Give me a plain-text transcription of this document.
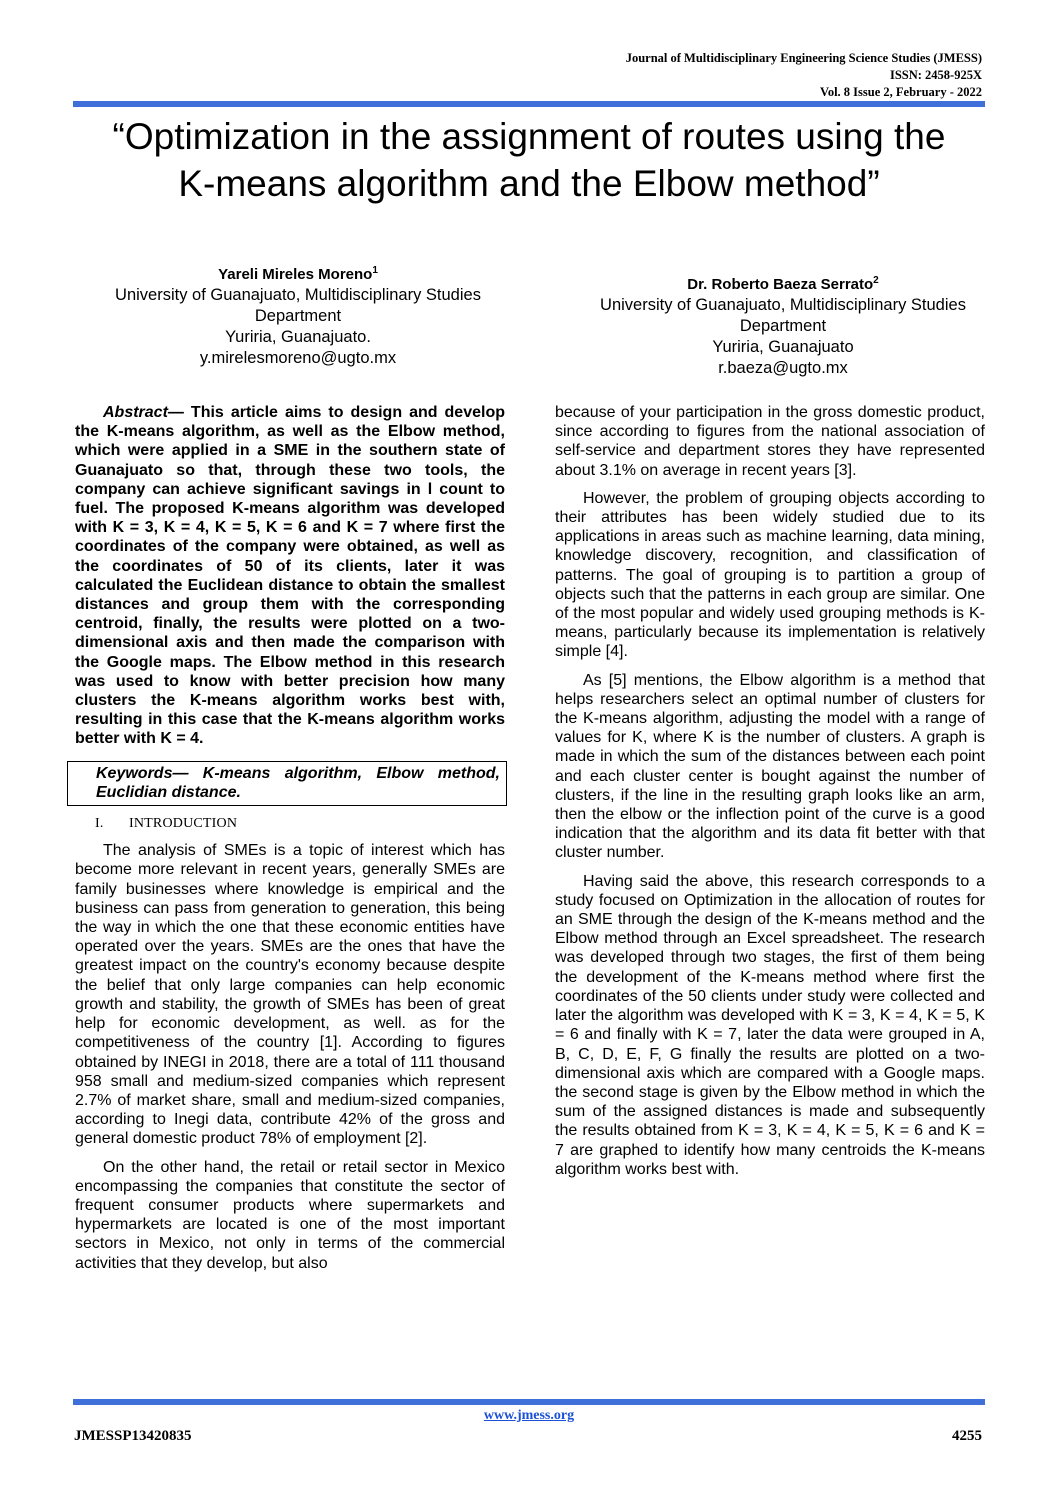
Journal of Multidisciplinary Engineering Science Studies (JMESS)
ISSN: 2458-925X
Vol. 8 Issue 2, February - 2022
“Optimization in the assignment of routes using the K-means algorithm and the Elbow method”
Yareli Mireles Moreno$^1$
University of Guanajuato, Multidisciplinary Studies
Department
Yuriria, Guanajuato.
y.mirelesmoreno@ugto.mx
Dr. Roberto Baeza Serrato$^2$
University of Guanajuato, Multidisciplinary Studies
Department
Yuriria, Guanajuato
r.baeza@ugto.mx

Abstract— This article aims to design and develop the K-means algorithm, as well as the Elbow method, which were applied in a SME in the southern state of Guanajuato so that, through these two tools, the company can achieve significant savings in l count to fuel. The proposed K-means algorithm was developed with K = 3, K = 4, K = 5, K = 6 and K = 7 where first the coordinates of the company were obtained, as well as the coordinates of 50 of its clients, later it was calculated the Euclidean distance to obtain the smallest distances and group them with the corresponding centroid, finally, the results were plotted on a two-dimensional axis and then made the comparison with the Google maps. The Elbow method in this research was used to know with better precision how many clusters the K-means algorithm works best with, resulting in this case that the K-means algorithm works better with K = 4.

Keywords— K-means algorithm, Elbow method, Euclidian distance.
I. INTRODUCTION

The analysis of SMEs is a topic of interest which has become more relevant in recent years, generally SMEs are family businesses where knowledge is empirical and the business can pass from generation to generation, this being the way in which the one that these economic entities have operated over the years. SMEs are the ones that have the greatest impact on the country's economy because despite the belief that only large companies can help economic growth and stability, the growth of SMEs has been of great help for economic development, as well. as for the competitiveness of the country [1]. According to figures obtained by INEGI in 2018, there are a total of 111 thousand 958 small and medium-sized companies which represent 2.7% of market share, small and medium-sized companies, according to Inegi data, contribute 42% of the gross and general domestic product 78% of employment [2].

On the other hand, the retail or retail sector in Mexico encompassing the companies that constitute the sector of frequent consumer products where supermarkets and hypermarkets are located is one of the most important sectors in Mexico, not only in terms of the commercial activities that they develop, but also

because of your participation in the gross domestic product, since according to figures from the national association of self-service and department stores they have represented about 3.1% on average in recent years [3].

However, the problem of grouping objects according to their attributes has been widely studied due to its applications in areas such as machine learning, data mining, knowledge discovery, recognition, and classification of patterns. The goal of grouping is to partition a group of objects such that the patterns in each group are similar. One of the most popular and widely used grouping methods is K-means, particularly because its implementation is relatively simple [4].

As [5] mentions, the Elbow algorithm is a method that helps researchers select an optimal number of clusters for the K-means algorithm, adjusting the model with a range of values for K, where K is the number of clusters. A graph is made in which the sum of the distances between each point and each cluster center is bought against the number of clusters, if the line in the resulting graph looks like an arm, then the elbow or the inflection point of the curve is a good indication that the algorithm and its data fit better with that cluster number.

Having said the above, this research corresponds to a study focused on Optimization in the allocation of routes for an SME through the design of the K-means method and the Elbow method through an Excel spreadsheet. The research was developed through two stages, the first of them being the development of the K-means method where first the coordinates of the 50 clients under study were collected and later the algorithm was developed with K = 3, K = 4, K = 5, K = 6 and finally with K = 7, later the data were grouped in A, B, C, D, E, F, G finally the results are plotted on a two-dimensional axis which are compared with a Google maps. the second stage is given by the Elbow method in which the sum of the assigned distances is made and subsequently the results obtained from K = 3, K = 4, K = 5, K = 6 and K = 7 are graphed to identify how many centroids the K-means algorithm works best with.

www.jmess.org
JMESSP13420835	4255
